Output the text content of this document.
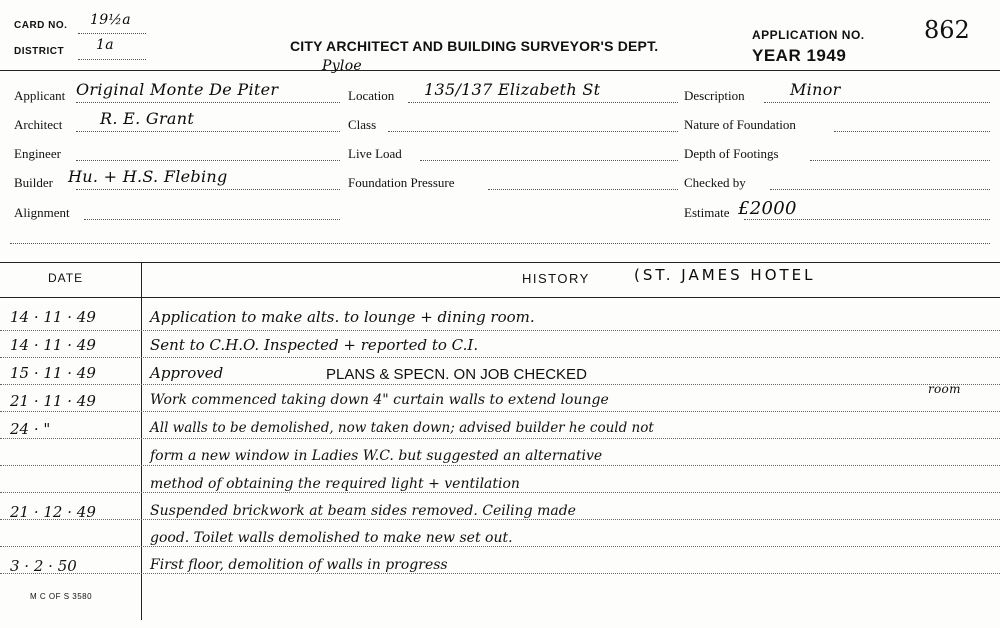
CARD NO. 19½a
DISTRICT 1a	CITY ARCHITECT AND BUILDING SURVEYOR'S DEPT.
APPLICATION NO. 862
YEAR 1949
Applicant Original Monte De Piter
Pyloe
Architect R. E. Grant
Engineer
Builder Hu. + H.S. Flebing
Alignment
Location 135/137 Elizabeth St
Class
Live Load
Foundation Pressure
Description	Minor
Nature of Foundation
Depth of Footings
Checked by
Estimate £2000
DATE	HISTORY	(ST. JAMES HOTEL
14 · 11 · 49	Application to make alts. to lounge + dining room.
14 · 11 · 49	Sent to C.H.O. Inspected + reported to C.I.
15 · 11 · 49	Approved	PLANS & SPECN. ON JOB CHECKED
21 · 11 · 49	Work commenced taking down 4" curtain walls to extend lounge
room
24 · "	All walls to be demolished, now taken down; advised builder he could not
form a new window in Ladies W.C. but suggested an alternative
method of obtaining the required light + ventilation
21 · 12 · 49	Suspended brickwork at beam sides removed. Ceiling made
good. Toilet walls demolished to make new set out.
3 · 2 · 50	First floor, demolition of walls in progress
M C OF S 3580
